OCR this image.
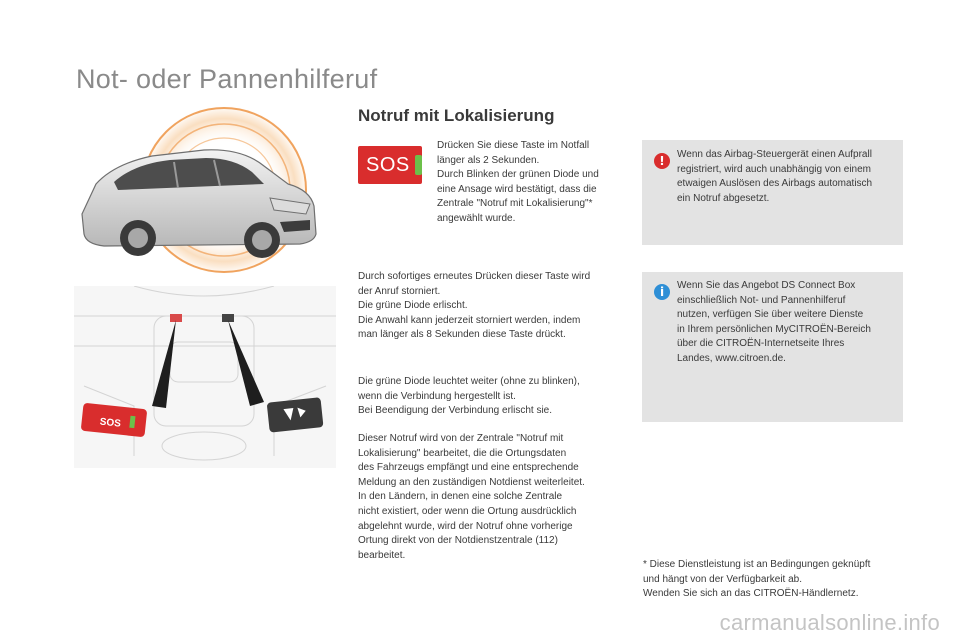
Not- oder Pannenhilferuf
SOS
Notruf mit Lokalisierung
SOS
Drücken Sie diese Taste im Notfall
länger als 2 Sekunden.
Durch Blinken der grünen Diode und
eine Ansage wird bestätigt, dass die
Zentrale "Notruf mit Lokalisierung"*
angewählt wurde.
Durch sofortiges erneutes Drücken dieser Taste wird
der Anruf storniert.
Die grüne Diode erlischt.
Die Anwahl kann jederzeit storniert werden, indem
man länger als 8 Sekunden diese Taste drückt.
Die grüne Diode leuchtet weiter (ohne zu blinken),
wenn die Verbindung hergestellt ist.
Bei Beendigung der Verbindung erlischt sie.
Dieser Notruf wird von der Zentrale "Notruf mit
Lokalisierung" bearbeitet, die die Ortungsdaten
des Fahrzeugs empfängt und eine entsprechende
Meldung an den zuständigen Notdienst weiterleitet.
In den Ländern, in denen eine solche Zentrale
nicht existiert, oder wenn die Ortung ausdrücklich
abgelehnt wurde, wird der Notruf ohne vorherige
Ortung direkt von der Notdienstzentrale (112)
bearbeitet.
!	Wenn das Airbag-Steuergerät einen Aufprall
registriert, wird auch unabhängig von einem
etwaigen Auslösen des Airbags automatisch
ein Notruf abgesetzt.
i	Wenn Sie das Angebot DS Connect Box
einschließlich Not- und Pannenhilferuf
nutzen, verfügen Sie über weitere Dienste
in Ihrem persönlichen MyCITROËN-Bereich
über die CITROËN-Internetseite Ihres
Landes, www.citroen.de.
* Diese Dienstleistung ist an Bedingungen geknüpft
und hängt von der Verfügbarkeit ab.
Wenden Sie sich an das CITROËN-Händlernetz.
carmanualsonline.info
